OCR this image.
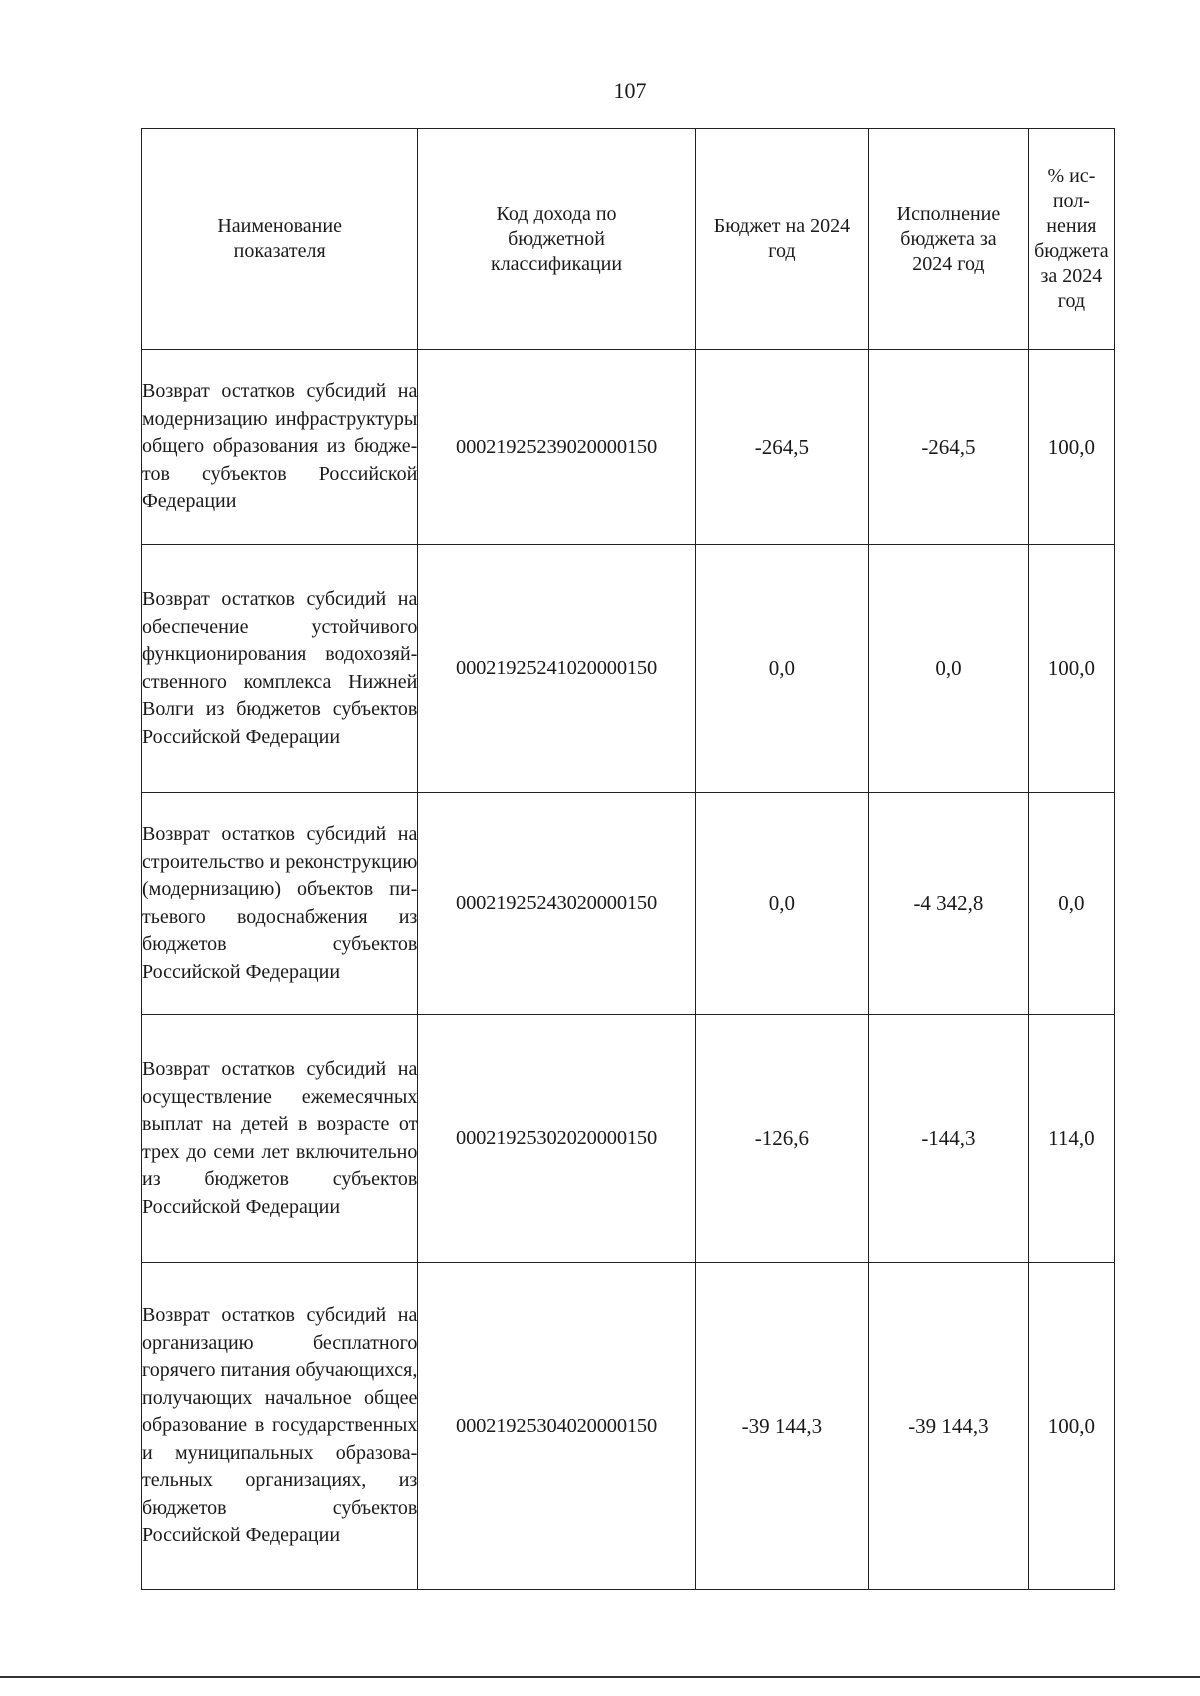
107
Наименование показателя	Код дохода по бюджетной классификации	Бюджет на 2024 год	Исполнение бюджета за 2024 год	% исполнения бюджета за 2024 год
Возврат остатков субсидий на модернизацию инфраструктуры общего образования из бюджетов субъектов Российской Федерации	00021925239020000150	-264,5	-264,5	100,0
Возврат остатков субсидий на обеспечение устойчивого функционирования водохозяйственного комплекса Нижней Волги из бюджетов субъектов Российской Федерации	00021925241020000150	0,0	0,0	100,0
Возврат остатков субсидий на строительство и реконструкцию (модернизацию) объектов питьевого водоснабжения из бюджетов субъектов Российской Федерации	00021925243020000150	0,0	-4 342,8	0,0
Возврат остатков субсидий на осуществление ежемесячных выплат на детей в возрасте от трех до семи лет включительно из бюджетов субъектов Российской Федерации	00021925302020000150	-126,6	-144,3	114,0
Возврат остатков субсидий на организацию бесплатного горячего питания обучающихся, получающих начальное общее образование в государственных и муниципальных образовательных организациях, из бюджетов субъектов Российской Федерации	00021925304020000150	-39 144,3	-39 144,3	100,0
